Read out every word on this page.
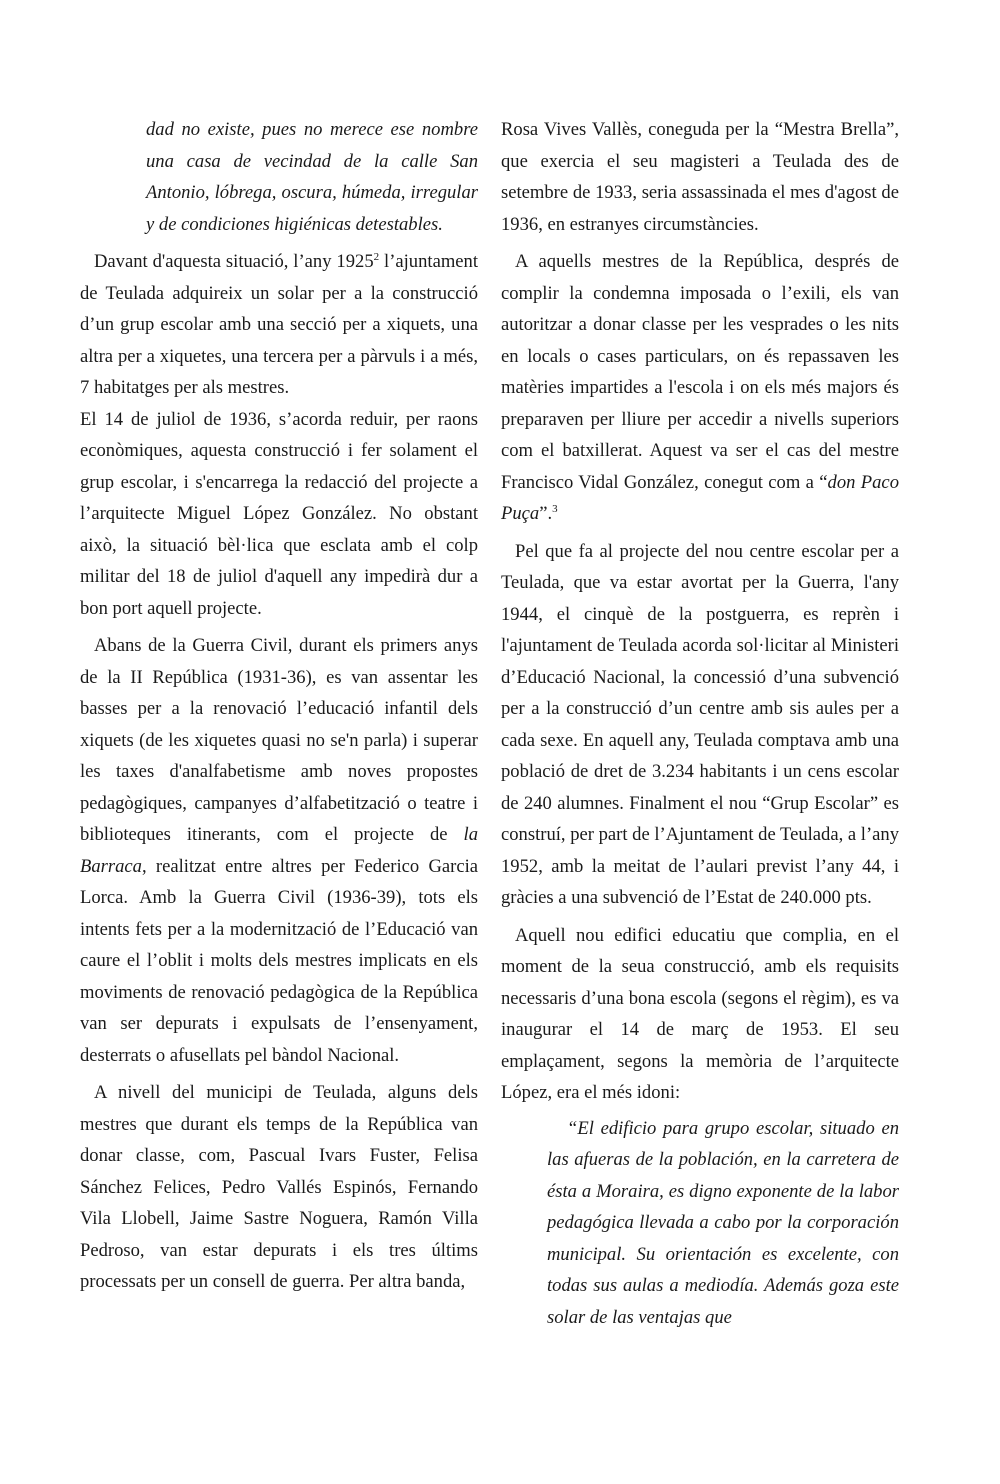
dad no existe, pues no merece ese nombre una casa de vecindad de la calle San Antonio, lóbrega, oscura, húmeda, irregular y de condiciones higiénicas detestables.

Davant d'aquesta situació, l’any 1925$^2$ l’ajuntament de Teulada adquireix un solar per a la construcció d’un grup escolar amb una secció per a xiquets, una altra per a xiquetes, una tercera per a pàrvuls i a més, 7 habitatges per als mestres.

El 14 de juliol de 1936, s’acorda reduir, per raons econòmiques, aquesta construcció i fer solament el grup escolar, i s'encarrega la redacció del projecte a l’arquitecte Miguel López González. No obstant això, la situació bèl·lica que esclata amb el colp militar del 18 de juliol d'aquell any impedirà dur a bon port aquell projecte.

Abans de la Guerra Civil, durant els primers anys de la II República (1931-36), es van assentar les basses per a la renovació l’educació infantil dels xiquets (de les xiquetes quasi no se'n parla) i superar les taxes d'analfabetisme amb noves propostes pedagògiques, campanyes d’alfabetització o teatre i biblioteques itinerants, com el projecte de la Barraca, realitzat entre altres per Federico Garcia Lorca. Amb la Guerra Civil (1936-39), tots els intents fets per a la modernització de l’Educació van caure el l’oblit i molts dels mestres implicats en els moviments de renovació pedagògica de la República van ser depurats i expulsats de l’ensenyament, desterrats o afusellats pel bàndol Nacional.

A nivell del municipi de Teulada, alguns dels mestres que durant els temps de la República van donar classe, com, Pascual Ivars Fuster, Felisa Sánchez Felices, Pedro Vallés Espinós, Fernando Vila Llobell, Jaime Sastre Noguera, Ramón Villa Pedroso, van estar depurats i els tres últims processats per un consell de guerra. Per altra banda,

Rosa Vives Vallès, coneguda per la “Mestra Brella”, que exercia el seu magisteri a Teulada des de setembre de 1933, seria assassinada el mes d'agost de 1936, en estranyes circumstàncies.

A aquells mestres de la República, després de complir la condemna imposada o l’exili, els van autoritzar a donar classe per les vesprades o les nits en locals o cases particulars, on és repassaven les matèries impartides a l'escola i on els més majors és preparaven per lliure per accedir a nivells superiors com el batxillerat. Aquest va ser el cas del mestre Francisco Vidal González, conegut com a “don Paco Puça”.$^3$

Pel que fa al projecte del nou centre escolar per a Teulada, que va estar avortat per la Guerra, l'any 1944, el cinquè de la postguerra, es reprèn i l'ajuntament de Teulada acorda sol·licitar al Ministeri d’Educació Nacional, la concessió d’una subvenció per a la construcció d’un centre amb sis aules per a cada sexe. En aquell any, Teulada comptava amb una població de dret de 3.234 habitants i un cens escolar de 240 alumnes. Finalment el nou “Grup Escolar” es construí, per part de l’Ajuntament de Teulada, a l’any 1952, amb la meitat de l’aulari previst l’any 44, i gràcies a una subvenció de l’Estat de 240.000 pts.

Aquell nou edifici educatiu que complia, en el moment de la seua construcció, amb els requisits necessaris d’una bona escola (segons el règim), es va inaugurar el 14 de març de 1953. El seu emplaçament, segons la memòria de l’arquitecte López, era el més idoni:

“El edificio para grupo escolar, situado en las afueras de la población, en la carretera de ésta a Moraira, es digno exponente de la labor pedagógica llevada a cabo por la corporación municipal. Su orientación es excelente, con todas sus aulas a mediodía. Además goza este solar de las ventajas que
